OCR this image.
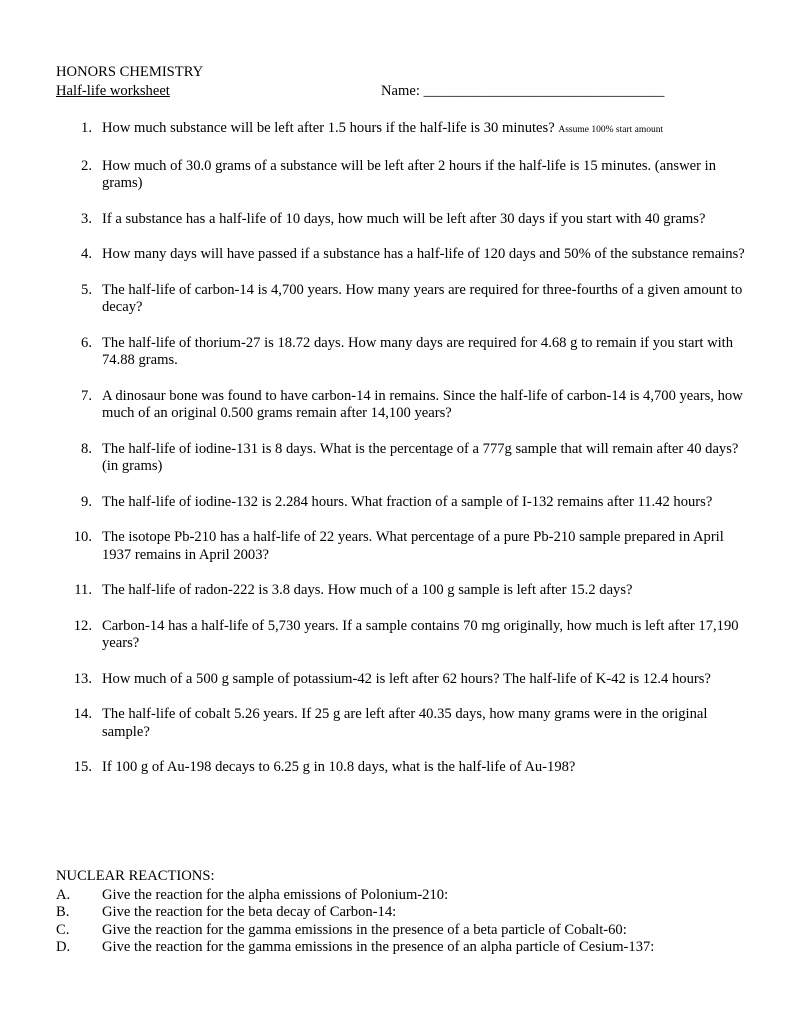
HONORS CHEMISTRY
Half-life worksheet	Name: _________________________________
1. How much substance will be left after 1.5 hours if the half-life is 30 minutes? Assume 100% start amount
2. How much of 30.0 grams of a substance will be left after 2 hours if the half-life is 15 minutes. (answer in grams)
3. If a substance has a half-life of 10 days, how much will be left after 30 days if you start with 40 grams?
4. How many days will have passed if a substance has a half-life of 120 days and 50% of the substance remains?
5. The half-life of carbon-14 is 4,700 years. How many years are required for three-fourths of a given amount to decay?
6. The half-life of thorium-27 is 18.72 days. How many days are required for 4.68 g to remain if you start with 74.88 grams.
7. A dinosaur bone was found to have carbon-14 in remains. Since the half-life of carbon-14 is 4,700 years, how much of an original 0.500 grams remain after 14,100 years?
8. The half-life of iodine-131 is 8 days. What is the percentage of a 777g sample that will remain after 40 days? (in grams)
9. The half-life of iodine-132 is 2.284 hours. What fraction of a sample of I-132 remains after 11.42 hours?
10. The isotope Pb-210 has a half-life of 22 years. What percentage of a pure Pb-210 sample prepared in April 1937 remains in April 2003?
11. The half-life of radon-222 is 3.8 days. How much of a 100 g sample is left after 15.2 days?
12. Carbon-14 has a half-life of 5,730 years. If a sample contains 70 mg originally, how much is left after 17,190 years?
13. How much of a 500 g sample of potassium-42 is left after 62 hours? The half-life of K-42 is 12.4 hours?
14. The half-life of cobalt 5.26 years. If 25 g are left after 40.35 days, how many grams were in the original sample?
15. If 100 g of Au-198 decays to 6.25 g in 10.8 days, what is the half-life of Au-198?
NUCLEAR REACTIONS:
A. Give the reaction for the alpha emissions of Polonium-210:
B. Give the reaction for the beta decay of Carbon-14:
C. Give the reaction for the gamma emissions in the presence of a beta particle of Cobalt-60:
D. Give the reaction for the gamma emissions in the presence of an alpha particle of Cesium-137:
